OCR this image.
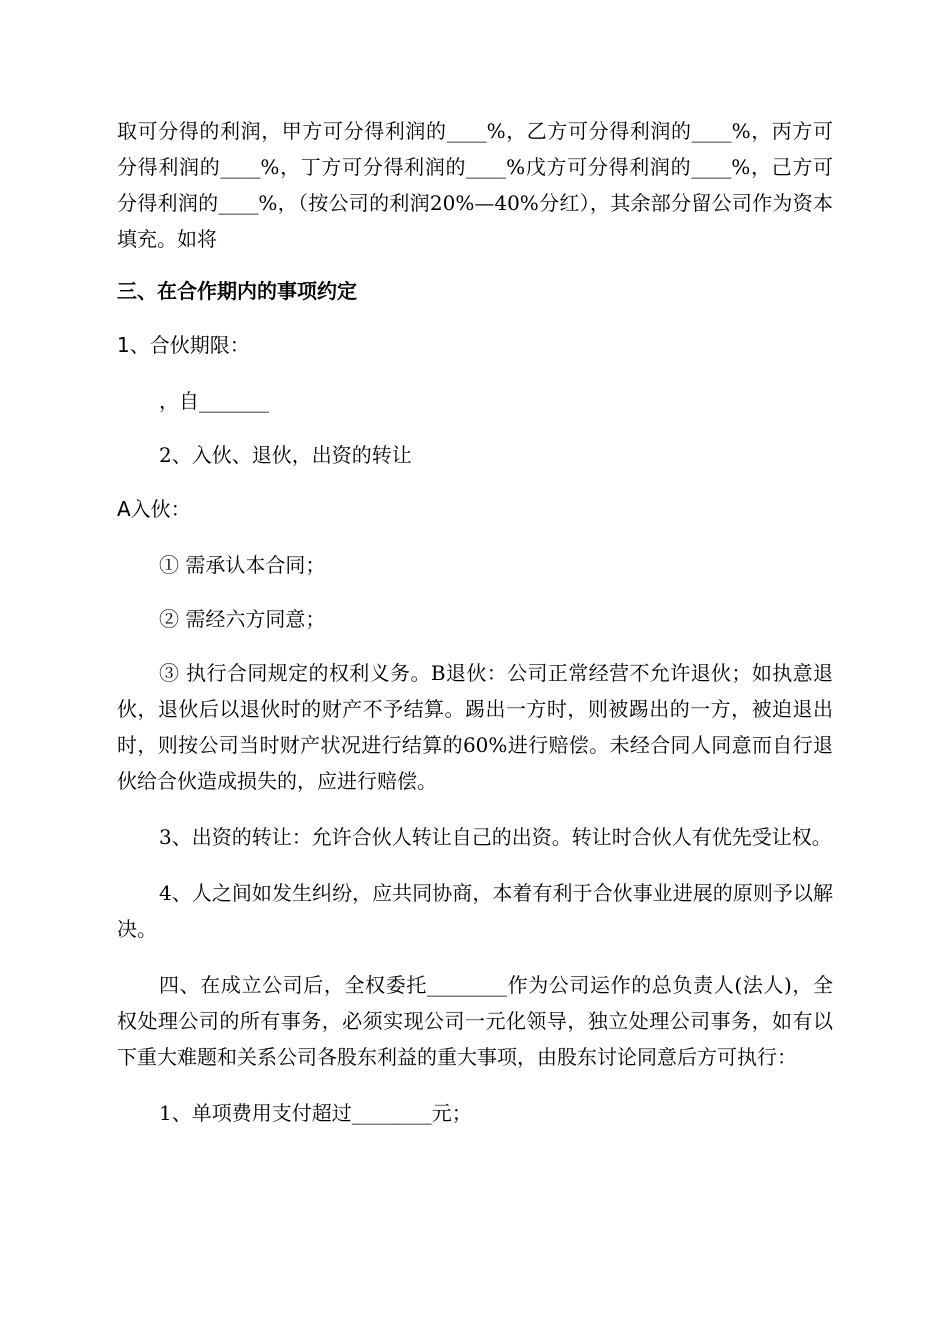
取可分得的利润，甲方可分得利润的____%，乙方可分得利润的____%，丙方可分得利润的____%，丁方可分得利润的____%戊方可分得利润的____%，己方可分得利润的____%，（按公司的利润20%—40%分红），其余部分留公司作为资本填充。如将

三、在合作期内的事项约定

1、合伙期限：

，自_______

2、入伙、退伙，出资的转让

A入伙：

① 需承认本合同；

② 需经六方同意；

③ 执行合同规定的权利义务。B退伙：公司正常经营不允许退伙；如执意退伙，退伙后以退伙时的财产不予结算。踢出一方时，则被踢出的一方，被迫退出时，则按公司当时财产状况进行结算的60%进行赔偿。未经合同人同意而自行退伙给合伙造成损失的，应进行赔偿。

3、出资的转让：允许合伙人转让自己的出资。转让时合伙人有优先受让权。

4、人之间如发生纠纷，应共同协商，本着有利于合伙事业进展的原则予以解决。

四、在成立公司后，全权委托________作为公司运作的总负责人(法人)，全权处理公司的所有事务，必须实现公司一元化领导，独立处理公司事务，如有以下重大难题和关系公司各股东利益的重大事项，由股东讨论同意后方可执行：

1、单项费用支付超过________元；
